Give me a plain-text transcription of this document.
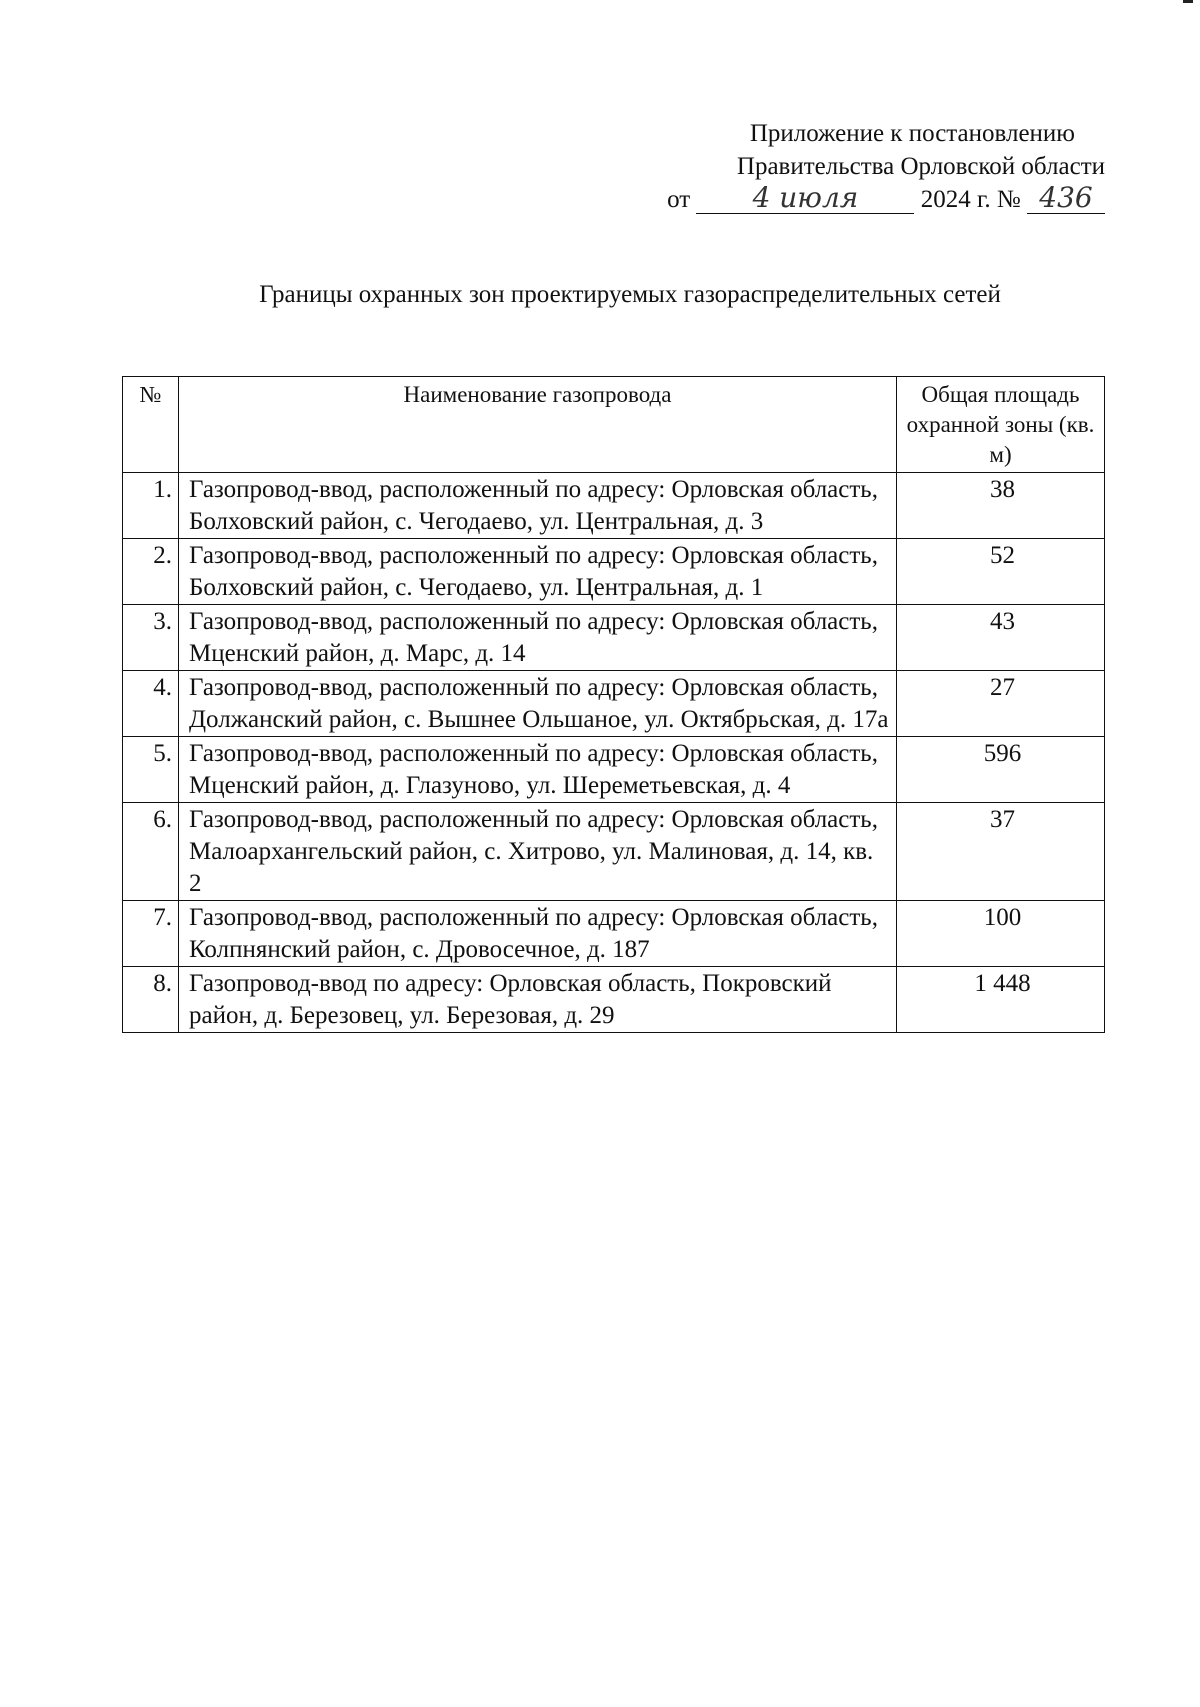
Приложение к постановлению
Правительства Орловской области
от 4 июля 2024 г. № 436
Границы охранных зон проектируемых газораспределительных сетей
№	Наименование газопровода	Общая площадь охранной зоны (кв. м)
1.	Газопровод-ввод, расположенный по адресу: Орловская область, Болховский район, с. Чегодаево, ул. Центральная, д. 3	38
2.	Газопровод-ввод, расположенный по адресу: Орловская область, Болховский район, с. Чегодаево, ул. Центральная, д. 1	52
3.	Газопровод-ввод, расположенный по адресу: Орловская область, Мценский район, д. Марс, д. 14	43
4.	Газопровод-ввод, расположенный по адресу: Орловская область, Должанский район, с. Вышнее Ольшаное, ул. Октябрьская, д. 17а	27
5.	Газопровод-ввод, расположенный по адресу: Орловская область, Мценский район, д. Глазуново, ул. Шереметьевская, д. 4	596
6.	Газопровод-ввод, расположенный по адресу: Орловская область, Малоархангельский район, с. Хитрово, ул. Малиновая, д. 14, кв. 2	37
7.	Газопровод-ввод, расположенный по адресу: Орловская область, Колпнянский район, с. Дровосечное, д. 187	100
8.	Газопровод-ввод по адресу: Орловская область, Покровский район, д. Березовец, ул. Березовая, д. 29	1 448
